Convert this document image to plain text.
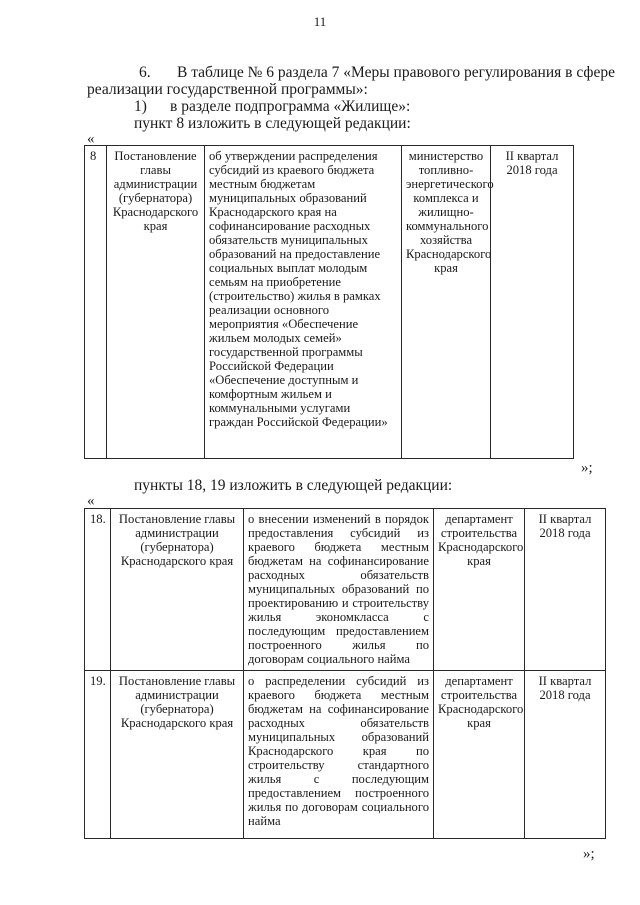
11
6. В таблице № 6 раздела 7 «Меры правового регулирования в сфере
реализации государственной программы»:
1) в разделе подпрограмма «Жилище»:
пункт 8 изложить в следующей редакции:
«
8	Постановление главы администрации (губернатора) Краснодарского края	об утверждении распределения субсидий из краевого бюджета местным бюджетам муниципальных образований Краснодарского края на софинансирование расходных обязательств муниципальных образований на предоставление социальных выплат молодым семьям на приобретение (строительство) жилья в рамках реализации основного мероприятия «Обеспечение жильем молодых семей» государственной программы Российской Федерации «Обеспечение доступным и комфортным жильем и коммунальными услугами граждан Российской Федерации»	министерство топливно-энергетического комплекса и жилищно-коммунального хозяйства Краснодарского края	II квартал 2018 года
»;
пункты 18, 19 изложить в следующей редакции:
«
18.	Постановление главы администрации (губернатора) Краснодарского края	о внесении изменений в порядок предоставления субсидий из краевого бюджета местным бюджетам на софинансирование расходных обязательств муниципальных образований по проектированию и строительству жилья экономкласса с последующим предоставлением построенного жилья по договорам социального найма	департамент строительства Краснодарского края	II квартал 2018 года
19.	Постановление главы администрации (губернатора) Краснодарского края	о распределении субсидий из краевого бюджета местным бюджетам на софинансирование расходных обязательств муниципальных образований Краснодарского края по строительству стандартного жилья с последующим предоставлением построенного жилья по договорам социального найма	департамент строительства Краснодарского края	II квартал 2018 года
»;
